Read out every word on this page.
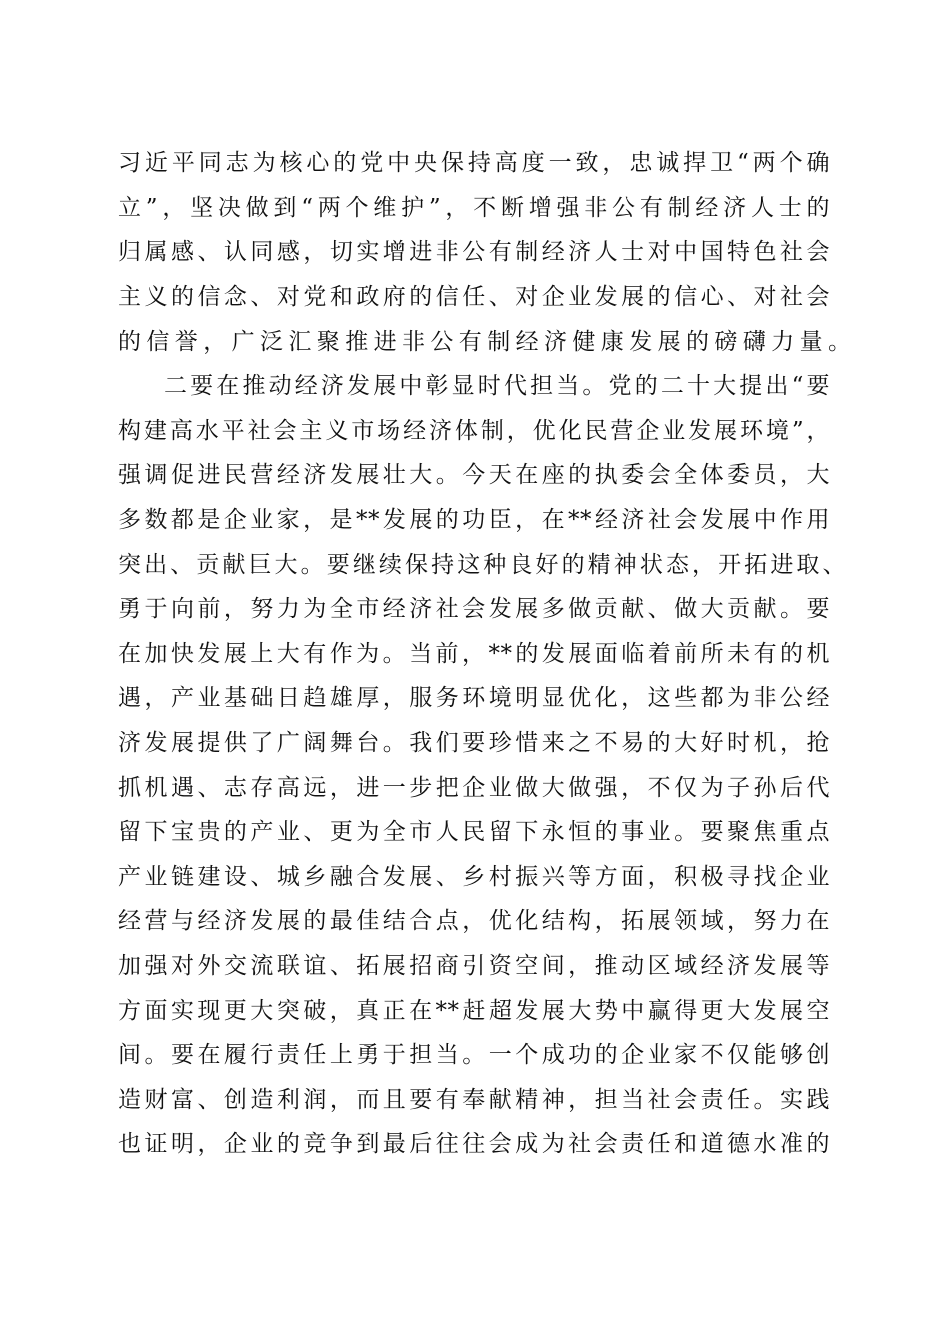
习近平同志为核心的党中央保持高度一致，忠诚捍卫“两个确
立”，坚决做到“两个维护”，不断增强非公有制经济人士的
归属感、认同感，切实增进非公有制经济人士对中国特色社会
主义的信念、对党和政府的信任、对企业发展的信心、对社会
的信誉，广泛汇聚推进非公有制经济健康发展的磅礴力量。
二要在推动经济发展中彰显时代担当。党的二十大提出“要
构建高水平社会主义市场经济体制，优化民营企业发展环境”，
强调促进民营经济发展壮大。今天在座的执委会全体委员，大
多数都是企业家，是**发展的功臣，在**经济社会发展中作用
突出、贡献巨大。要继续保持这种良好的精神状态，开拓进取、
勇于向前，努力为全市经济社会发展多做贡献、做大贡献。要
在加快发展上大有作为。当前，**的发展面临着前所未有的机
遇，产业基础日趋雄厚，服务环境明显优化，这些都为非公经
济发展提供了广阔舞台。我们要珍惜来之不易的大好时机，抢
抓机遇、志存高远，进一步把企业做大做强，不仅为子孙后代
留下宝贵的产业、更为全市人民留下永恒的事业。要聚焦重点
产业链建设、城乡融合发展、乡村振兴等方面，积极寻找企业
经营与经济发展的最佳结合点，优化结构，拓展领域，努力在
加强对外交流联谊、拓展招商引资空间，推动区域经济发展等
方面实现更大突破，真正在**赶超发展大势中赢得更大发展空
间。要在履行责任上勇于担当。一个成功的企业家不仅能够创
造财富、创造利润，而且要有奉献精神，担当社会责任。实践
也证明，企业的竞争到最后往往会成为社会责任和道德水准的
